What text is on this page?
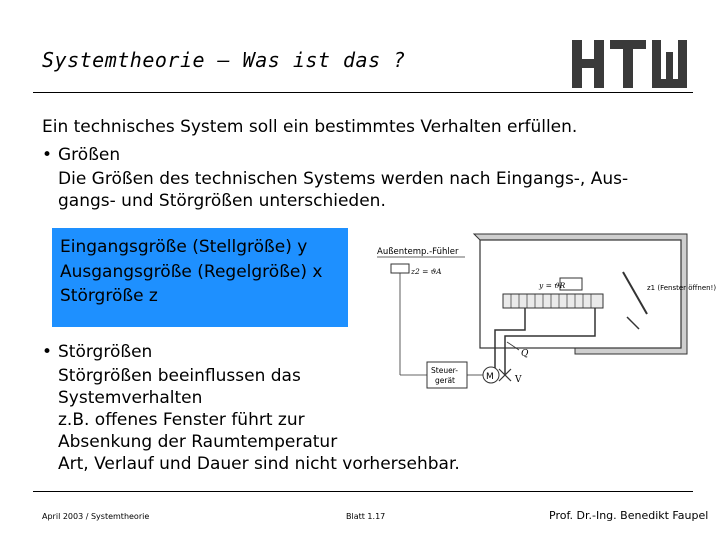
Systemtheorie – Was ist das ?
Ein technisches System soll ein bestimmtes Verhalten erfüllen.
• Größen
Die Größen des technischen Systems werden nach Eingangs-, Aus-
gangs- und Störgrößen unterschieden.
Eingangsgröße (Stellgröße) y
Ausgangsgröße (Regelgröße) x
Störgröße z
Außentemp.-Fühler
z2 = ϑA
y = ϑR	z1 (Fenster öffnen!)
Steuer-
gerät	M
Q
V
• Störgrößen
Störgrößen beeinflussen das
Systemverhalten
z.B. offenes Fenster führt zur
Absenkung der Raumtemperatur
Art, Verlauf und Dauer sind nicht vorhersehbar.
April 2003 / Systemtheorie	Blatt 1.17	Prof. Dr.-Ing. Benedikt Faupel
